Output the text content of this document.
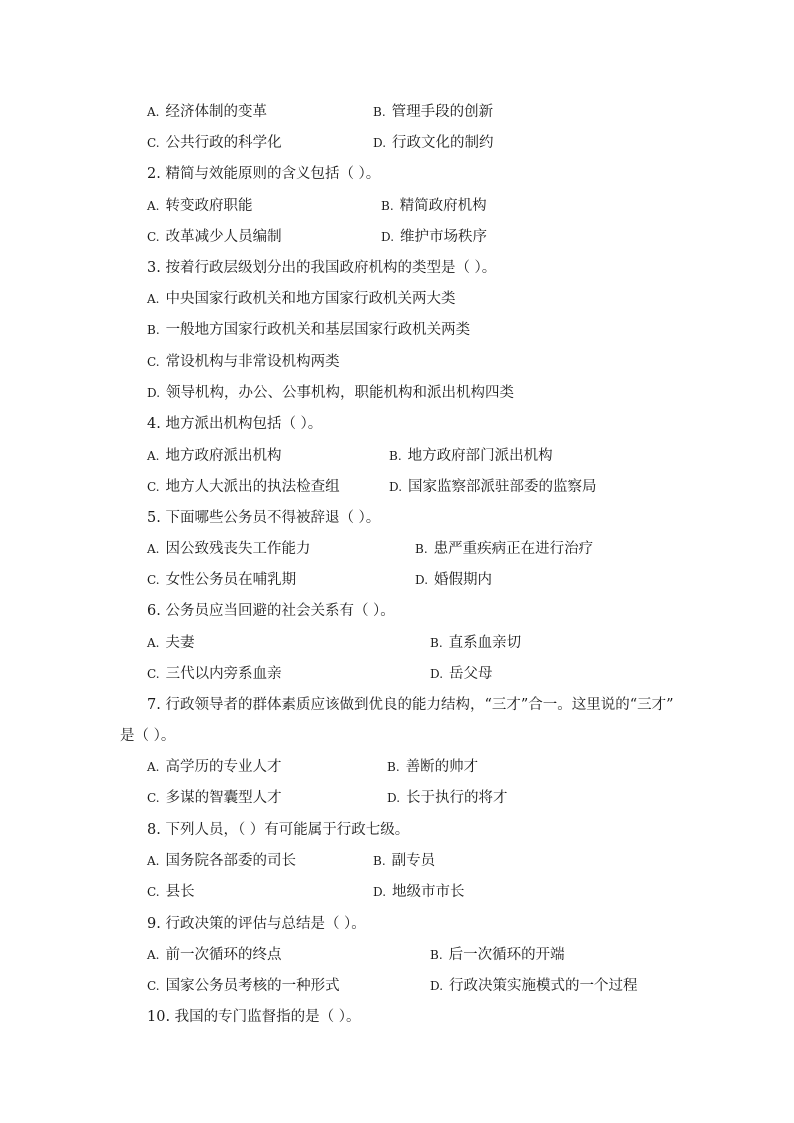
A. 经济体制的变革	B. 管理手段的创新
C. 公共行政的科学化	D. 行政文化的制约
2. 精简与效能原则的含义包括（ ）。
A. 转变政府职能	B. 精简政府机构
C. 改革减少人员编制	D. 维护市场秩序
3. 按着行政层级划分出的我国政府机构的类型是（ ）。
A. 中央国家行政机关和地方国家行政机关两大类
B. 一般地方国家行政机关和基层国家行政机关两类
C. 常设机构与非常设机构两类
D. 领导机构，办公、公事机构，职能机构和派出机构四类
4. 地方派出机构包括（ ）。
A. 地方政府派出机构	B. 地方政府部门派出机构
C. 地方人大派出的执法检查组	D. 国家监察部派驻部委的监察局
5. 下面哪些公务员不得被辞退（ ）。
A. 因公致残丧失工作能力	B. 患严重疾病正在进行治疗
C. 女性公务员在哺乳期	D. 婚假期内
6. 公务员应当回避的社会关系有（ ）。
A. 夫妻	B. 直系血亲切
C. 三代以内旁系血亲	D. 岳父母
7. 行政领导者的群体素质应该做到优良的能力结构，“三才”合一。这里说的“三才”
是（ ）。
A. 高学历的专业人才	B. 善断的帅才
C. 多谋的智囊型人才	D. 长于执行的将才
8. 下列人员，（ ）有可能属于行政七级。
A. 国务院各部委的司长	B. 副专员
C. 县长	D. 地级市市长
9. 行政决策的评估与总结是（ ）。
A. 前一次循环的终点	B. 后一次循环的开端
C. 国家公务员考核的一种形式	D. 行政决策实施模式的一个过程
10. 我国的专门监督指的是（ ）。
